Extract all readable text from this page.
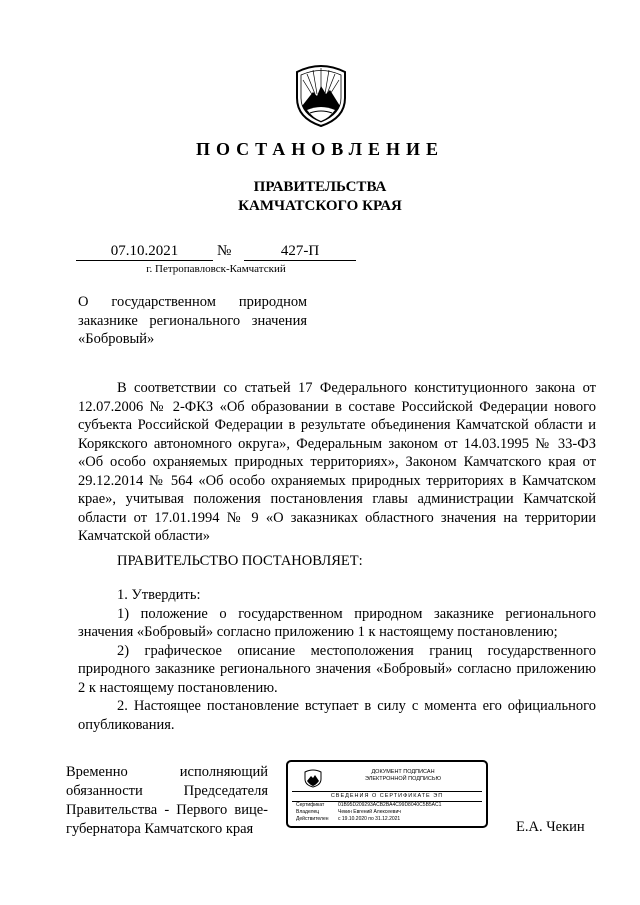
ПОСТАНОВЛЕНИЕ
ПРАВИТЕЛЬСТВА
КАМЧАТСКОГО КРАЯ
07.10.2021	№	427-П
г. Петропавловск-Камчатский
О государственном природном заказнике регионального значения «Бобровый»
В соответствии со статьей 17 Федерального конституционного закона от 12.07.2006 № 2-ФКЗ «Об образовании в составе Российской Федерации нового субъекта Российской Федерации в результате объединения Камчатской области и Корякского автономного округа», Федеральным законом от 14.03.1995 № 33-ФЗ «Об особо охраняемых природных территориях», Законом Камчатского края от 29.12.2014 № 564 «Об особо охраняемых природных территориях в Камчатском крае», учитывая положения постановления главы администрации Камчатской области от 17.01.1994 № 9 «О заказниках областного значения на территории Камчатской области»
ПРАВИТЕЛЬСТВО ПОСТАНОВЛЯЕТ:
1. Утвердить:
1) положение о государственном природном заказнике регионального значения «Бобровый» согласно приложению 1 к настоящему постановлению;
2) графическое описание местоположения границ государственного природного заказнике регионального значения «Бобровый» согласно приложению 2 к настоящему постановлению.
2. Настоящее постановление вступает в силу с момента его официального опубликования.
Временно исполняющий обязанности Председателя Правительства - Первого вице-губернатора Камчатского края
ДОКУМЕНТ ПОДПИСАН
ЭЛЕКТРОННОЙ ПОДПИСЬЮ
СВЕДЕНИЯ О СЕРТИФИКАТЕ ЭП
Сертификат	01B95D209293ACB2BA4C99D8040C5B5AC1
Владелец	Чекин Евгений Алексеевич
Действителен	с 19.10.2020 по 31.12.2021	Е.А. Чекин
